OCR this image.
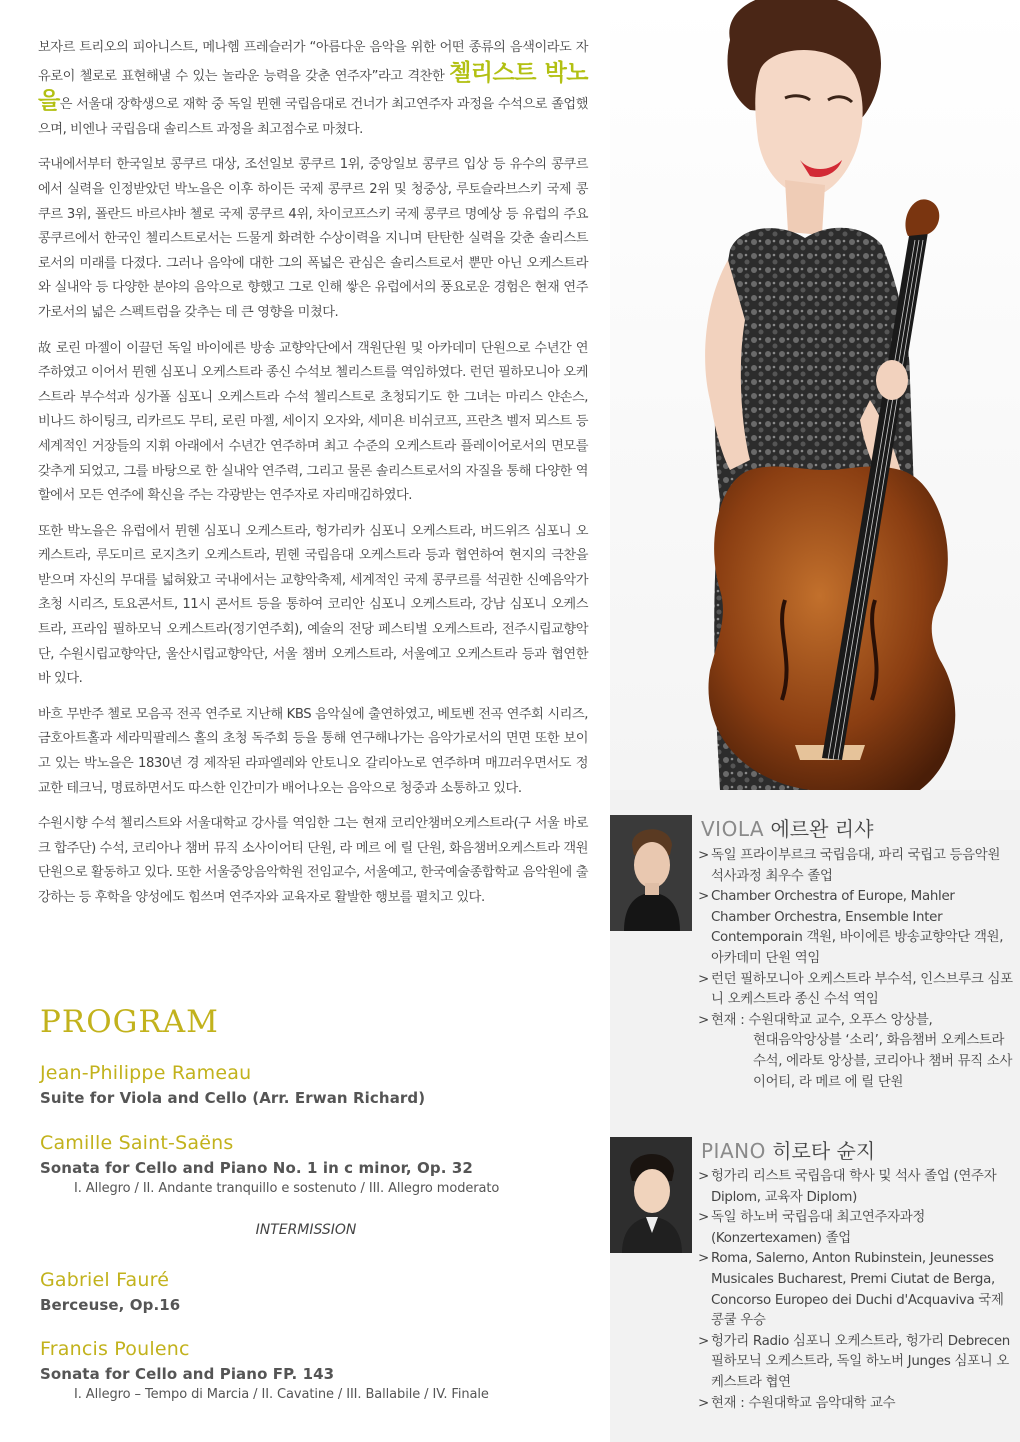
보자르 트리오의 피아니스트, 메나헴 프레슬러가 “아름다운 음악을 위한 어떤 종류의 음색이라도 자유로이 첼로로 표현해낼 수 있는 놀라운 능력을 갖춘 연주자”라고 격찬한 첼리스트 박노을은 서울대 장학생으로 재학 중 독일 뮌헨 국립음대로 건너가 최고연주자 과정을 수석으로 졸업했으며, 비엔나 국립음대 솔리스트 과정을 최고점수로 마쳤다.

국내에서부터 한국일보 콩쿠르 대상, 조선일보 콩쿠르 1위, 중앙일보 콩쿠르 입상 등 유수의 콩쿠르에서 실력을 인정받았던 박노을은 이후 하이든 국제 콩쿠르 2위 및 청중상, 루토슬라브스키 국제 콩쿠르 3위, 폴란드 바르샤바 첼로 국제 콩쿠르 4위, 차이코프스키 국제 콩쿠르 명예상 등 유럽의 주요 콩쿠르에서 한국인 첼리스트로서는 드물게 화려한 수상이력을 지니며 탄탄한 실력을 갖춘 솔리스트로서의 미래를 다졌다. 그러나 음악에 대한 그의 폭넓은 관심은 솔리스트로서 뿐만 아닌 오케스트라와 실내악 등 다양한 분야의 음악으로 향했고 그로 인해 쌓은 유럽에서의 풍요로운 경험은 현재 연주가로서의 넓은 스펙트럼을 갖추는 데 큰 영향을 미쳤다.

故 로린 마젤이 이끌던 독일 바이에른 방송 교향악단에서 객원단원 및 아카데미 단원으로 수년간 연주하였고 이어서 뮌헨 심포니 오케스트라 종신 수석보 첼리스트를 역임하였다. 런던 필하모니아 오케스트라 부수석과 싱가폴 심포니 오케스트라 수석 첼리스트로 초청되기도 한 그녀는 마리스 얀손스, 비나드 하이팅크, 리카르도 무티, 로린 마젤, 세이지 오자와, 세미욘 비쉬코프, 프란츠 벨저 뫼스트 등 세계적인 거장들의 지휘 아래에서 수년간 연주하며 최고 수준의 오케스트라 플레이어로서의 면모를 갖추게 되었고, 그를 바탕으로 한 실내악 연주력, 그리고 물론 솔리스트로서의 자질을 통해 다양한 역할에서 모든 연주에 확신을 주는 각광받는 연주자로 자리매김하였다.

또한 박노을은 유럽에서 뮌헨 심포니 오케스트라, 헝가리카 심포니 오케스트라, 버드위즈 심포니 오케스트라, 루도미르 로지츠키 오케스트라, 뮌헨 국립음대 오케스트라 등과 협연하여 현지의 극찬을 받으며 자신의 무대를 넓혀왔고 국내에서는 교향악축제, 세계적인 국제 콩쿠르를 석권한 신예음악가 초청 시리즈, 토요콘서트, 11시 콘서트 등을 통하여 코리안 심포니 오케스트라, 강남 심포니 오케스트라, 프라임 필하모닉 오케스트라(정기연주회), 예술의 전당 페스티벌 오케스트라, 전주시립교향악단, 수원시립교향악단, 울산시립교향악단, 서울 챔버 오케스트라, 서울예고 오케스트라 등과 협연한 바 있다.

바흐 무반주 첼로 모음곡 전곡 연주로 지난해 KBS 음악실에 출연하였고, 베토벤 전곡 연주회 시리즈, 금호아트홀과 세라믹팔레스 홀의 초청 독주회 등을 통해 연구해나가는 음악가로서의 면면 또한 보이고 있는 박노을은 1830년 경 제작된 라파엘레와 안토니오 갈리아노로 연주하며 매끄러우면서도 정교한 테크닉, 명료하면서도 따스한 인간미가 배어나오는 음악으로 청중과 소통하고 있다.

수원시향 수석 첼리스트와 서울대학교 강사를 역임한 그는 현재 코리안챔버오케스트라(구 서울 바로크 합주단) 수석, 코리아나 챔버 뮤직 소사이어티 단원, 라 메르 에 릴 단원, 화음챔버오케스트라 객원단원으로 활동하고 있다. 또한 서울중앙음악학원 전임교수, 서울예고, 한국예술종합학교 음악원에 출강하는 등 후학을 양성에도 힘쓰며 연주자와 교육자로 활발한 행보를 펼치고 있다.

PROGRAM
Jean-Philippe Rameau
Suite for Viola and Cello (Arr. Erwan Richard)
Camille Saint-Saëns
Sonata for Cello and Piano No. 1 in c minor, Op. 32
I. Allegro / II. Andante tranquillo e sostenuto / III. Allegro moderato
INTERMISSION
Gabriel Fauré
Berceuse, Op.16
Francis Poulenc
Sonata for Cello and Piano FP. 143
I. Allegro – Tempo di Marcia / II. Cavatine / III. Ballabile / IV. Finale
VIOLA 에르완 리샤
> 독일 프라이부르크 국립음대, 파리 국립고 등음악원 석사과정 최우수 졸업
> Chamber Orchestra of Europe, Mahler Chamber Orchestra, Ensemble Inter Contemporain 객원, 바이에른 방송교향악단 객원, 아카데미 단원 역임
> 런던 필하모니아 오케스트라 부수석, 인스브루크 심포니 오케스트라 종신 수석 역임
> 현재 : 수원대학교 교수, 오푸스 앙상블,
현대음악앙상블 ‘소리’, 화음챔버 오케스트라 수석, 에라토 앙상블, 코리아나 챔버 뮤직 소사이어티, 라 메르 에 릴 단원
PIANO 히로타 슌지
> 헝가리 리스트 국립음대 학사 및 석사 졸업 (연주자 Diplom, 교육자 Diplom)
> 독일 하노버 국립음대 최고연주자과정 (Konzertexamen) 졸업
> Roma, Salerno, Anton Rubinstein, Jeunesses Musicales Bucharest, Premi Ciutat de Berga, Concorso Europeo dei Duchi d'Acquaviva 국제콩쿨 우승
> 헝가리 Radio 심포니 오케스트라, 헝가리 Debrecen 필하모닉 오케스트라, 독일 하노버 Junges 심포니 오케스트라 협연
> 현재 : 수원대학교 음악대학 교수
